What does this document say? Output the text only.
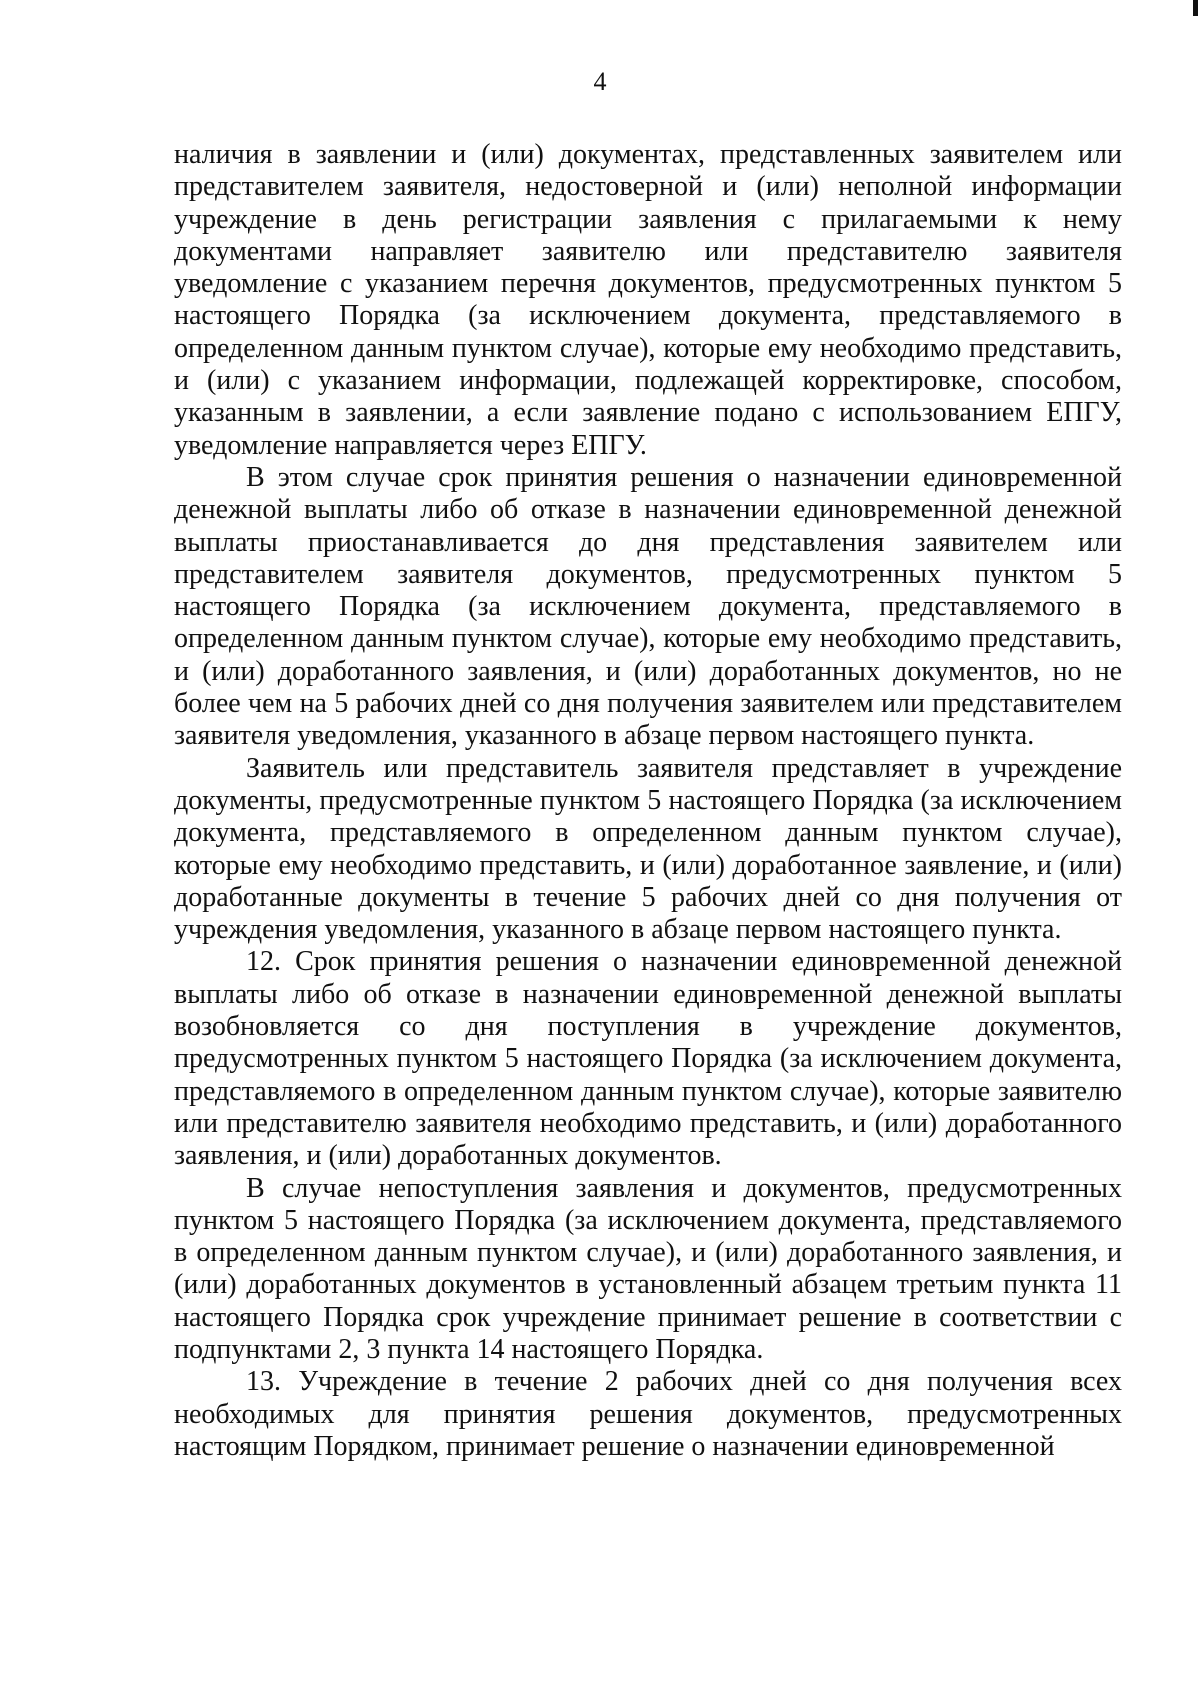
4

наличия в заявлении и (или) документах, представленных заявителем или представителем заявителя, недостоверной и (или) неполной информации учреждение в день регистрации заявления с прилагаемыми к нему документами направляет заявителю или представителю заявителя уведомление с указанием перечня документов, предусмотренных пунктом 5 настоящего Порядка (за исключением документа, представляемого в определенном данным пунктом случае), которые ему необходимо представить, и (или) с указанием информации, подлежащей корректировке, способом, указанным в заявлении, а если заявление подано с использованием ЕПГУ, уведомление направляется через ЕПГУ.

В этом случае срок принятия решения о назначении единовременной денежной выплаты либо об отказе в назначении единовременной денежной выплаты приостанавливается до дня представления заявителем или представителем заявителя документов, предусмотренных пунктом 5 настоящего Порядка (за исключением документа, представляемого в определенном данным пунктом случае), которые ему необходимо представить, и (или) доработанного заявления, и (или) доработанных документов, но не более чем на 5 рабочих дней со дня получения заявителем или представителем заявителя уведомления, указанного в абзаце первом настоящего пункта.

Заявитель или представитель заявителя представляет в учреждение документы, предусмотренные пунктом 5 настоящего Порядка (за исключением документа, представляемого в определенном данным пунктом случае), которые ему необходимо представить, и (или) доработанное заявление, и (или) доработанные документы в течение 5 рабочих дней со дня получения от учреждения уведомления, указанного в абзаце первом настоящего пункта.

12. Срок принятия решения о назначении единовременной денежной выплаты либо об отказе в назначении единовременной денежной выплаты возобновляется со дня поступления в учреждение документов, предусмотренных пунктом 5 настоящего Порядка (за исключением документа, представляемого в определенном данным пунктом случае), которые заявителю или представителю заявителя необходимо представить, и (или) доработанного заявления, и (или) доработанных документов.

В случае непоступления заявления и документов, предусмотренных пунктом 5 настоящего Порядка (за исключением документа, представляемого в определенном данным пунктом случае), и (или) доработанного заявления, и (или) доработанных документов в установленный абзацем третьим пункта 11 настоящего Порядка срок учреждение принимает решение в соответствии с подпунктами 2, 3 пункта 14 настоящего Порядка.

13. Учреждение в течение 2 рабочих дней со дня получения всех необходимых для принятия решения документов, предусмотренных настоящим Порядком, принимает решение о назначении единовременной
